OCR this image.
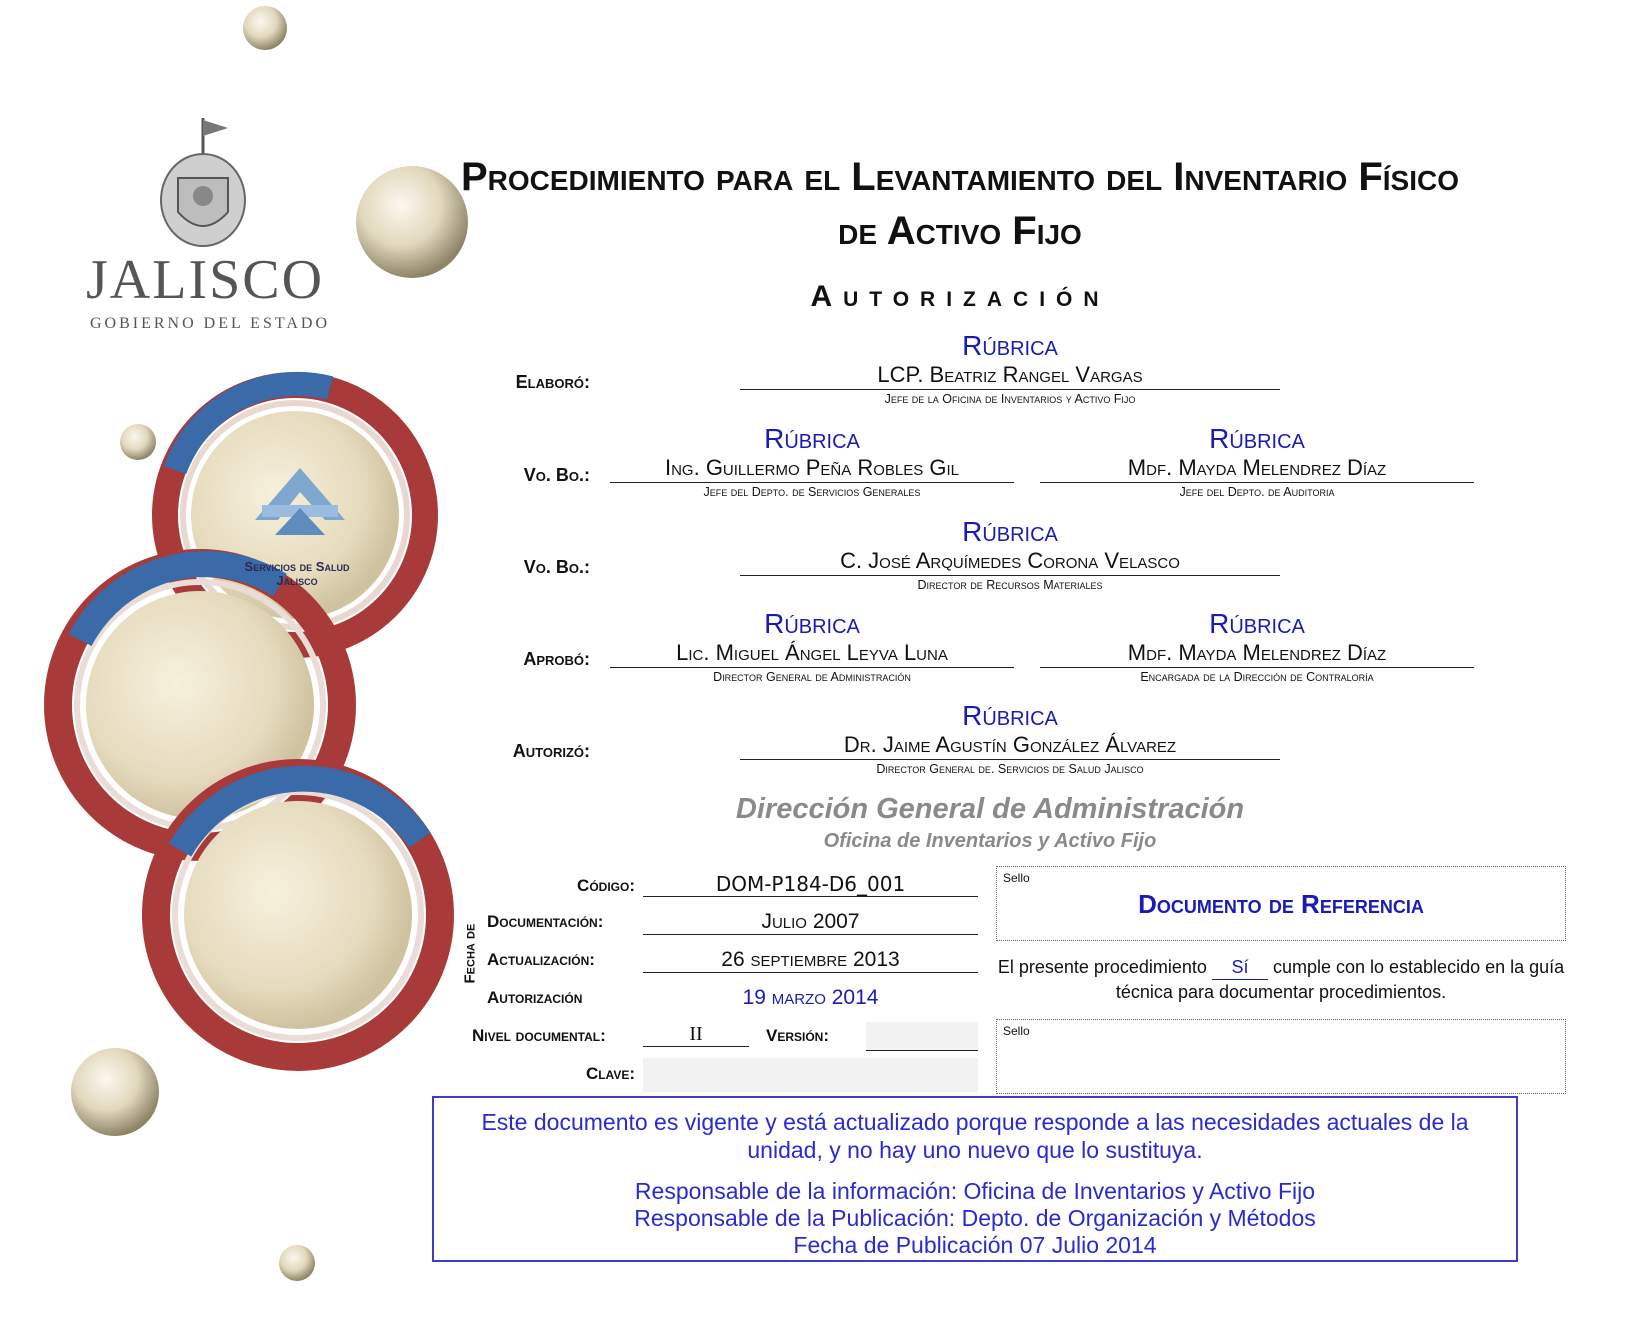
JALISCO
GOBIERNO DEL ESTADO
Servicios de Salud
Jalisco
Procedimiento para el Levantamiento del Inventario Físico
de Activo Fijo
Autorización
Elaboró:
Rúbrica
LCP. Beatriz Rangel Vargas
Jefe de la Oficina de Inventarios y Activo Fijo
Vo. Bo.:
Rúbrica
Ing. Guillermo Peña Robles Gil
Jefe del Depto. de Servicios Generales
Rúbrica
Mdf. Mayda Melendrez Díaz
Jefe del Depto. de Auditoria
Vo. Bo.:
Rúbrica
C. José Arquímedes Corona Velasco
Director de Recursos Materiales
Aprobó:
Rúbrica
Lic. Miguel Ángel Leyva Luna
Director General de Administración
Rúbrica
Mdf. Mayda Melendrez Díaz
Encargada de la Dirección de Contraloría
Autorizó:
Rúbrica
Dr. Jaime Agustín González Álvarez
Director General de. Servicios de Salud Jalisco
Dirección General de Administración
Oficina de Inventarios y Activo Fijo
Código:	DOM-P184-D6_001
Fecha de
Documentación:	Julio 2007
Actualización:	26 septiembre 2013
Autorización	19 marzo 2014
Nivel documental:	II	Versión:
Clave:
Sello
Documento de Referencia
El presente procedimiento Sí cumple con lo establecido en la guía técnica para documentar procedimientos.
Sello
Este documento es vigente y está actualizado porque responde a las necesidades actuales de la unidad, y no hay uno nuevo que lo sustituya.
Responsable de la información: Oficina de Inventarios y Activo Fijo
Responsable de la Publicación: Depto. de Organización y Métodos
Fecha de Publicación 07 Julio 2014
